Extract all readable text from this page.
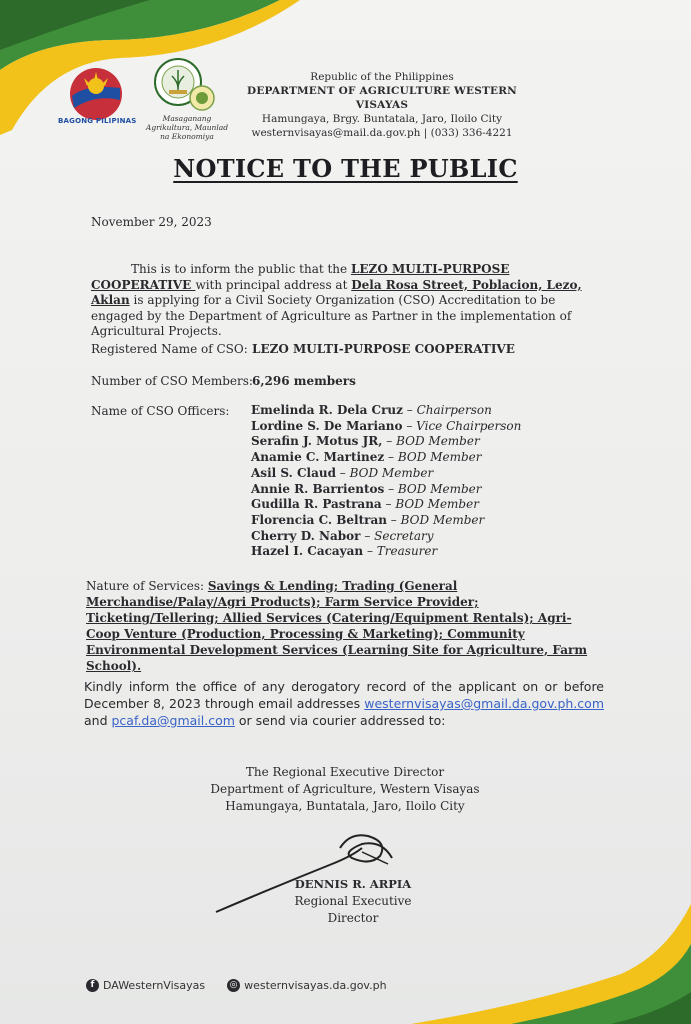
BAGONG PILIPINAS	Masaganang Agrikultura, Maunlad na Ekonomiya
Republic of the Philippines
DEPARTMENT OF AGRICULTURE WESTERN VISAYAS
Hamungaya, Brgy. Buntatala, Jaro, Iloilo City
westernvisayas@mail.da.gov.ph | (033) 336-4221
NOTICE TO THE PUBLIC
November 29, 2023
This is to inform the public that the LEZO MULTI-PURPOSE COOPERATIVE with principal address at Dela Rosa Street, Poblacion, Lezo, Aklan is applying for a Civil Society Organization (CSO) Accreditation to be engaged by the Department of Agriculture as Partner in the implementation of Agricultural Projects.
Registered Name of CSO: LEZO MULTI-PURPOSE COOPERATIVE
Number of CSO Members: 6,296 members
Name of CSO Officers: Emelinda R. Dela Cruz – Chairperson
Lordine S. De Mariano – Vice Chairperson
Serafin J. Motus JR, – BOD Member
Anamie C. Martinez – BOD Member
Asil S. Claud – BOD Member
Annie R. Barrientos – BOD Member
Gudilla R. Pastrana – BOD Member
Florencia C. Beltran – BOD Member
Cherry D. Nabor – Secretary
Hazel I. Cacayan – Treasurer
Nature of Services: Savings & Lending; Trading (General Merchandise/Palay/Agri Products); Farm Service Provider; Ticketing/Tellering; Allied Services (Catering/Equipment Rentals); Agri-Coop Venture (Production, Processing & Marketing); Community Environmental Development Services (Learning Site for Agriculture, Farm School).
Kindly inform the office of any derogatory record of the applicant on or before December 8, 2023 through email addresses westernvisayas@gmail.da.gov.ph.com and pcaf.da@gmail.com or send via courier addressed to:
The Regional Executive Director
Department of Agriculture, Western Visayas
Hamungaya, Buntatala, Jaro, Iloilo City
DENNIS R. ARPIA
Regional Executive Director
f DAWesternVisayas	◎ westernvisayas.da.gov.ph
